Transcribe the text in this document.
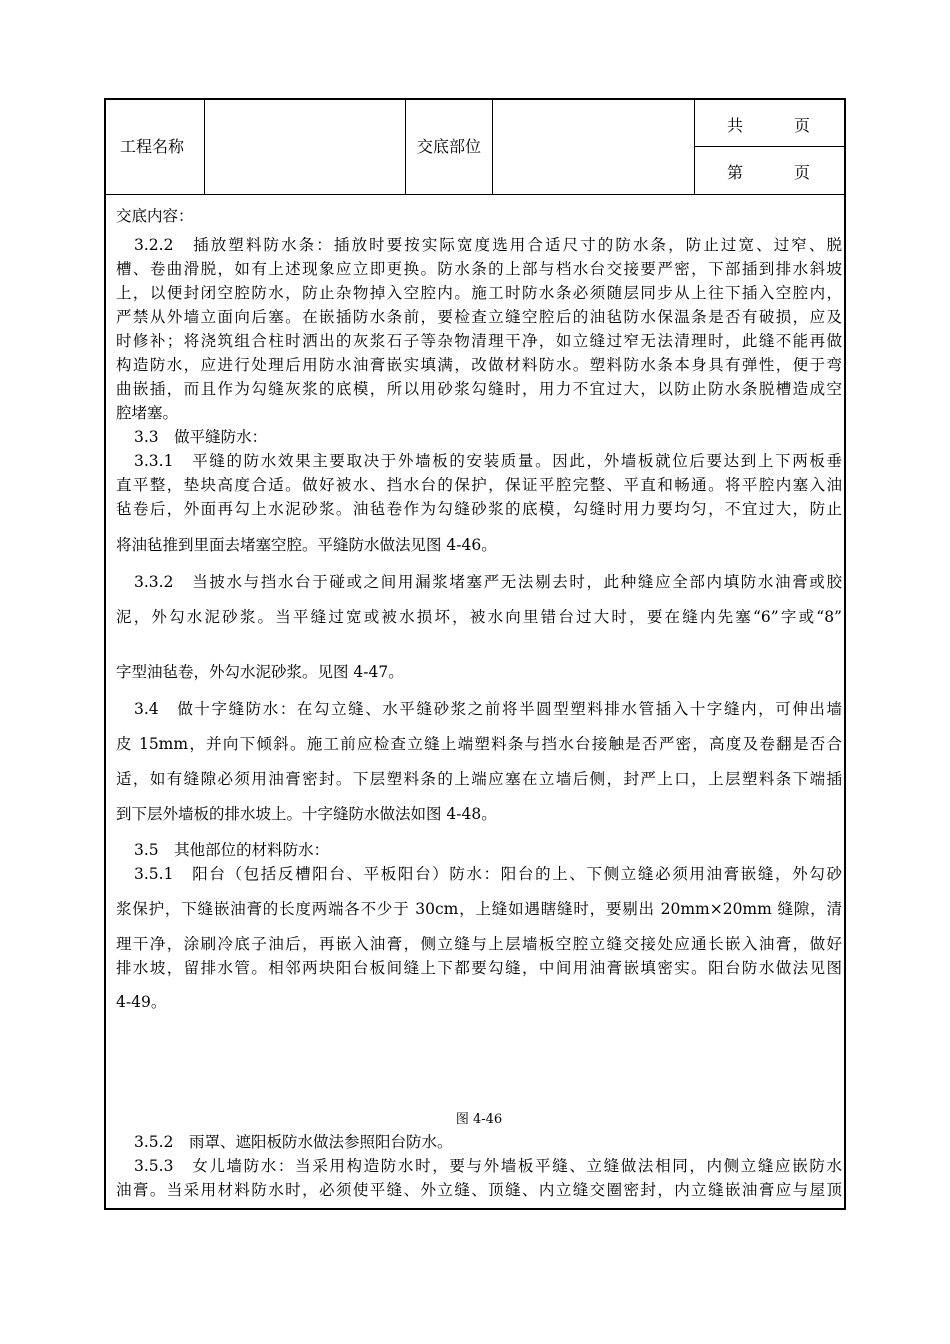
工程名称	交底部位
共	页
第	页
交底内容：
3.2.2　插放塑料防水条：插放时要按实际宽度选用合适尺寸的防水条，防止过宽、过窄、脱
槽、卷曲滑脱，如有上述现象应立即更换。防水条的上部与档水台交接要严密，下部插到排水斜坡
上，以便封闭空腔防水，防止杂物掉入空腔内。施工时防水条必须随层同步从上往下插入空腔内，
严禁从外墙立面向后塞。在嵌插防水条前，要检查立缝空腔后的油毡防水保温条是否有破损，应及
时修补；将浇筑组合柱时洒出的灰浆石子等杂物清理干净，如立缝过窄无法清理时，此缝不能再做
构造防水，应进行处理后用防水油膏嵌实填满，改做材料防水。塑料防水条本身具有弹性，便于弯
曲嵌插，而且作为勾缝灰浆的底模，所以用砂浆勾缝时，用力不宜过大，以防止防水条脱槽造成空
腔堵塞。
3.3　做平缝防水：
3.3.1　平缝的防水效果主要取决于外墙板的安装质量。因此，外墙板就位后要达到上下两板垂
直平整，垫块高度合适。做好被水、挡水台的保护，保证平腔完整、平直和畅通。将平腔内塞入油
毡卷后，外面再勾上水泥砂浆。油毡卷作为勾缝砂浆的底模，勾缝时用力要均匀，不宜过大，防止
将油毡推到里面去堵塞空腔。平缝防水做法见图 4-46。
3.3.2　当披水与挡水台于碰或之间用漏浆堵塞严无法剔去时，此种缝应全部内填防水油膏或胶
泥，外勾水泥砂浆。当平缝过宽或被水损坏，被水向里错台过大时，要在缝内先塞“6”字或“8”
字型油毡卷，外勾水泥砂浆。见图 4-47。
3.4　做十字缝防水：在勾立缝、水平缝砂浆之前将半圆型塑料排水管插入十字缝内，可伸出墙
皮 15mm，并向下倾斜。施工前应检查立缝上端塑料条与挡水台接触是否严密，高度及卷翻是否合
适，如有缝隙必须用油膏密封。下层塑料条的上端应塞在立墙后侧，封严上口，上层塑料条下端插
到下层外墙板的排水坡上。十字缝防水做法如图 4-48。
3.5　其他部位的材料防水：
3.5.1　阳台（包括反槽阳台、平板阳台）防水：阳台的上、下侧立缝必须用油膏嵌缝，外勾砂
浆保护，下缝嵌油膏的长度两端各不少于 30cm，上缝如遇瞎缝时，要剔出 20mm×20mm 缝隙，清
理干净，涂刷冷底子油后，再嵌入油膏，侧立缝与上层墙板空腔立缝交接处应通长嵌入油膏，做好
排水坡，留排水管。相邻两块阳台板间缝上下都要勾缝，中间用油膏嵌填密实。阳台防水做法见图
4-49。
图 4-46
3.5.2　雨罩、遮阳板防水做法参照阳台防水。
3.5.3　女儿墙防水：当采用构造防水时，要与外墙板平缝、立缝做法相同，内侧立缝应嵌防水
油膏。当采用材料防水时，必须使平缝、外立缝、顶缝、内立缝交圈密封，内立缝嵌油膏应与屋顶
